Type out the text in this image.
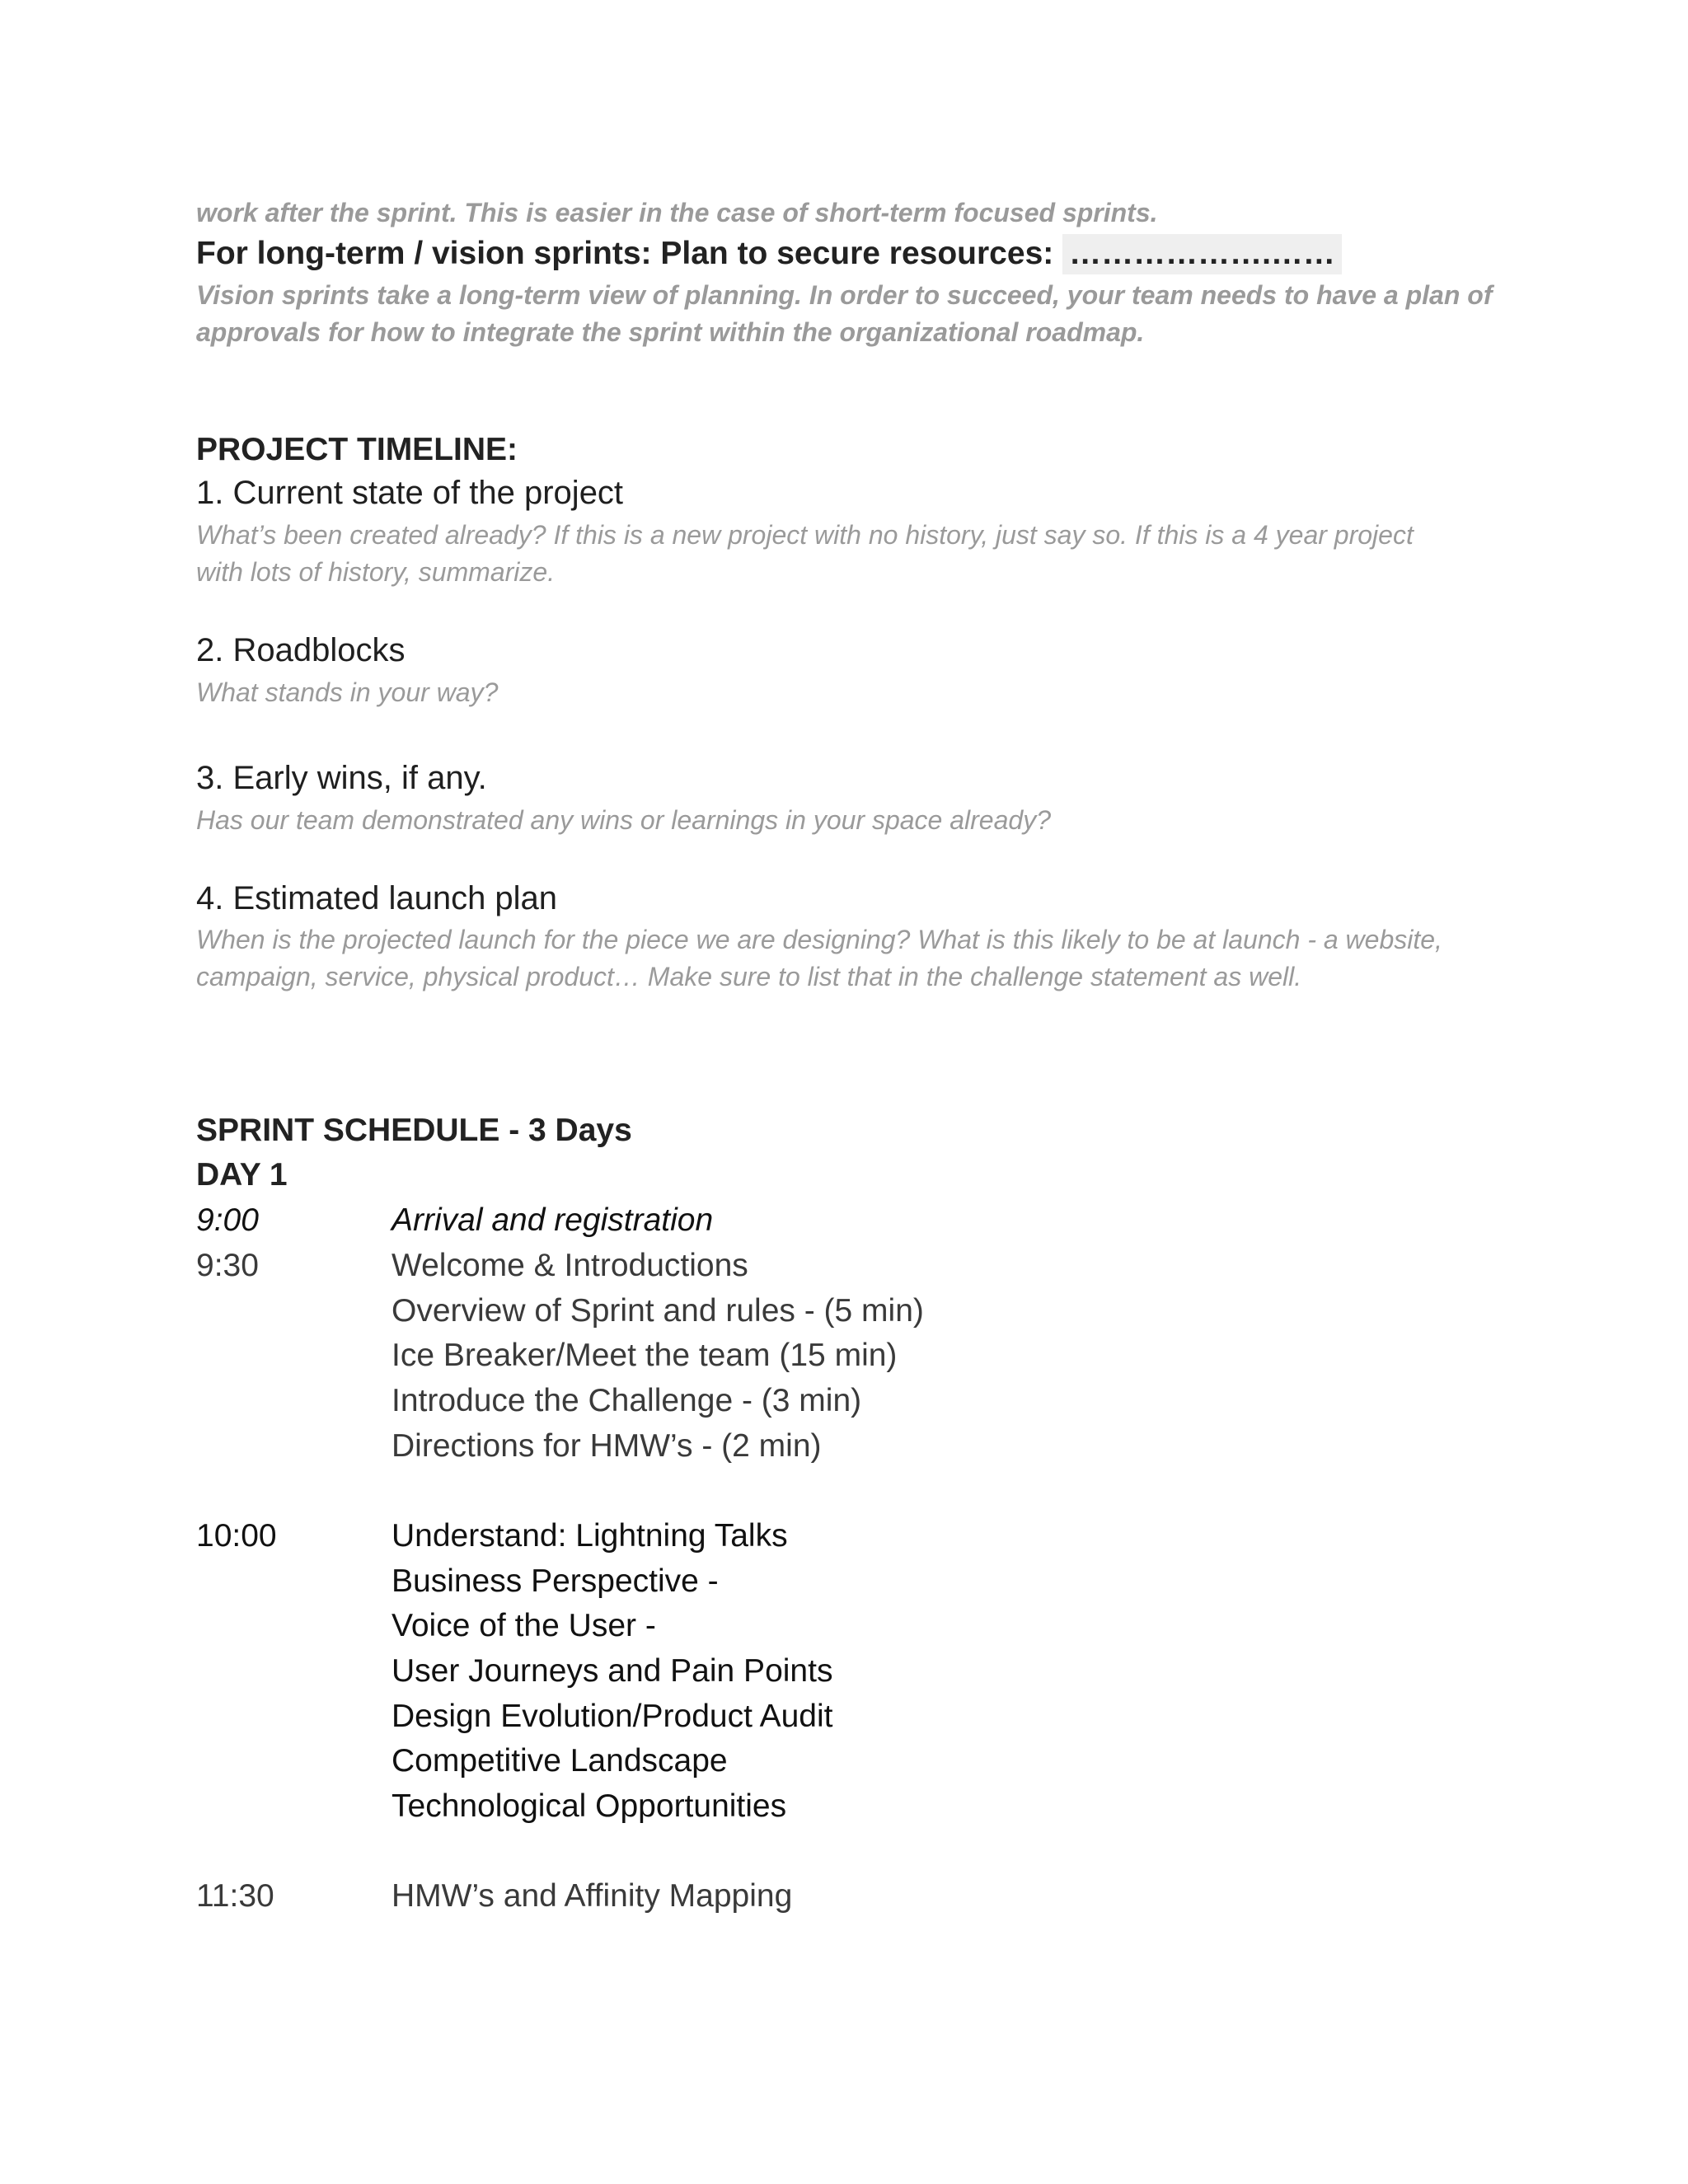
work after the sprint. This is easier in the case of short-term focused sprints.
For long-term / vision sprints: Plan to secure resources: ……………….……
Vision sprints take a long-term view of planning. In order to succeed, your team needs to have a plan of
approvals for how to integrate the sprint within the organizational roadmap.
PROJECT TIMELINE:
1. Current state of the project
What’s been created already? If this is a new project with no history, just say so. If this is a 4 year project
with lots of history, summarize.
2. Roadblocks
What stands in your way?
3. Early wins, if any.
Has our team demonstrated any wins or learnings in your space already?
4. Estimated launch plan
When is the projected launch for the piece we are designing? What is this likely to be at launch - a website,
campaign, service, physical product… Make sure to list that in the challenge statement as well.
SPRINT SCHEDULE - 3 Days
DAY 1
9:00	Arrival and registration
9:30	Welcome & Introductions
Overview of Sprint and rules - (5 min)
Ice Breaker/Meet the team (15 min)
Introduce the Challenge - (3 min)
Directions for HMW’s - (2 min)
10:00	Understand: Lightning Talks
Business Perspective -
Voice of the User -
User Journeys and Pain Points
Design Evolution/Product Audit
Competitive Landscape
Technological Opportunities
11:30	HMW’s and Affinity Mapping
